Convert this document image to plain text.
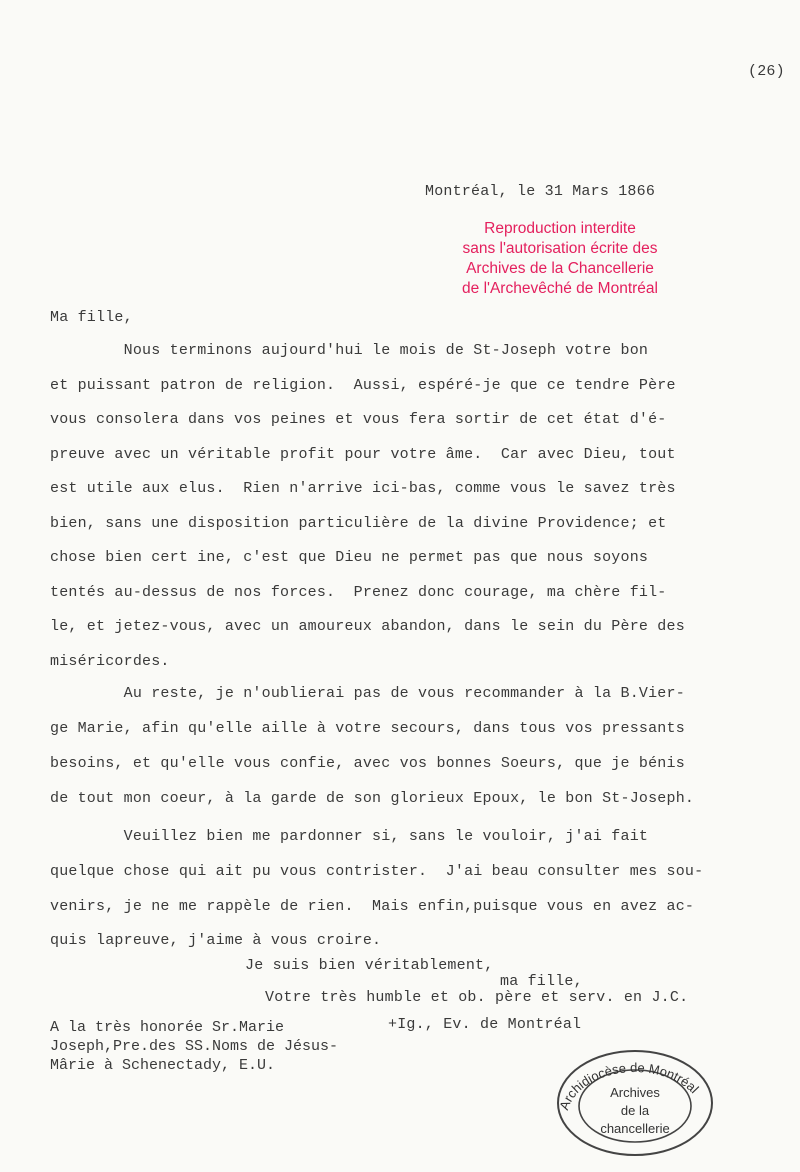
(26)
Montréal, le 31 Mars 1866
Reproduction interdite
sans l'autorisation écrite des
Archives de la Chancellerie
de l'Archevêché de Montréal
Ma fille,
Nous terminons aujourd'hui le mois de St-Joseph votre bon
et puissant patron de religion.  Aussi, espéré-je que ce tendre Père
vous consolera dans vos peines et vous fera sortir de cet état d'é-
preuve avec un véritable profit pour votre âme.  Car avec Dieu, tout
est utile aux elus.  Rien n'arrive ici-bas, comme vous le savez très
bien, sans une disposition particulière de la divine Providence; et
chose bien cert ine, c'est que Dieu ne permet pas que nous soyons
tentés au-dessus de nos forces.  Prenez donc courage, ma chère fil-
le, et jetez-vous, avec un amoureux abandon, dans le sein du Père des
miséricordes.
Au reste, je n'oublierai pas de vous recommander à la B.Vier-
ge Marie, afin qu'elle aille à votre secours, dans tous vos pressants
besoins, et qu'elle vous confie, avec vos bonnes Soeurs, que je bénis
de tout mon coeur, à la garde de son glorieux Epoux, le bon St-Joseph.
Veuillez bien me pardonner si, sans le vouloir, j'ai fait
quelque chose qui ait pu vous contrister.  J'ai beau consulter mes sou-
venirs, je ne me rappèle de rien.  Mais enfin,puisque vous en avez ac-
quis lapreuve, j'aime à vous croire.
Je suis bien véritablement,
ma fille,
Votre très humble et ob. père et serv. en J.C.
+Ig., Ev. de Montréal
A la très honorée Sr.Marie
Joseph,Pre.des SS.Noms de Jésus-
Mârie à Schenectady, E.U.
Archidiocèse de Montréal
Archives
de la
chancellerie
